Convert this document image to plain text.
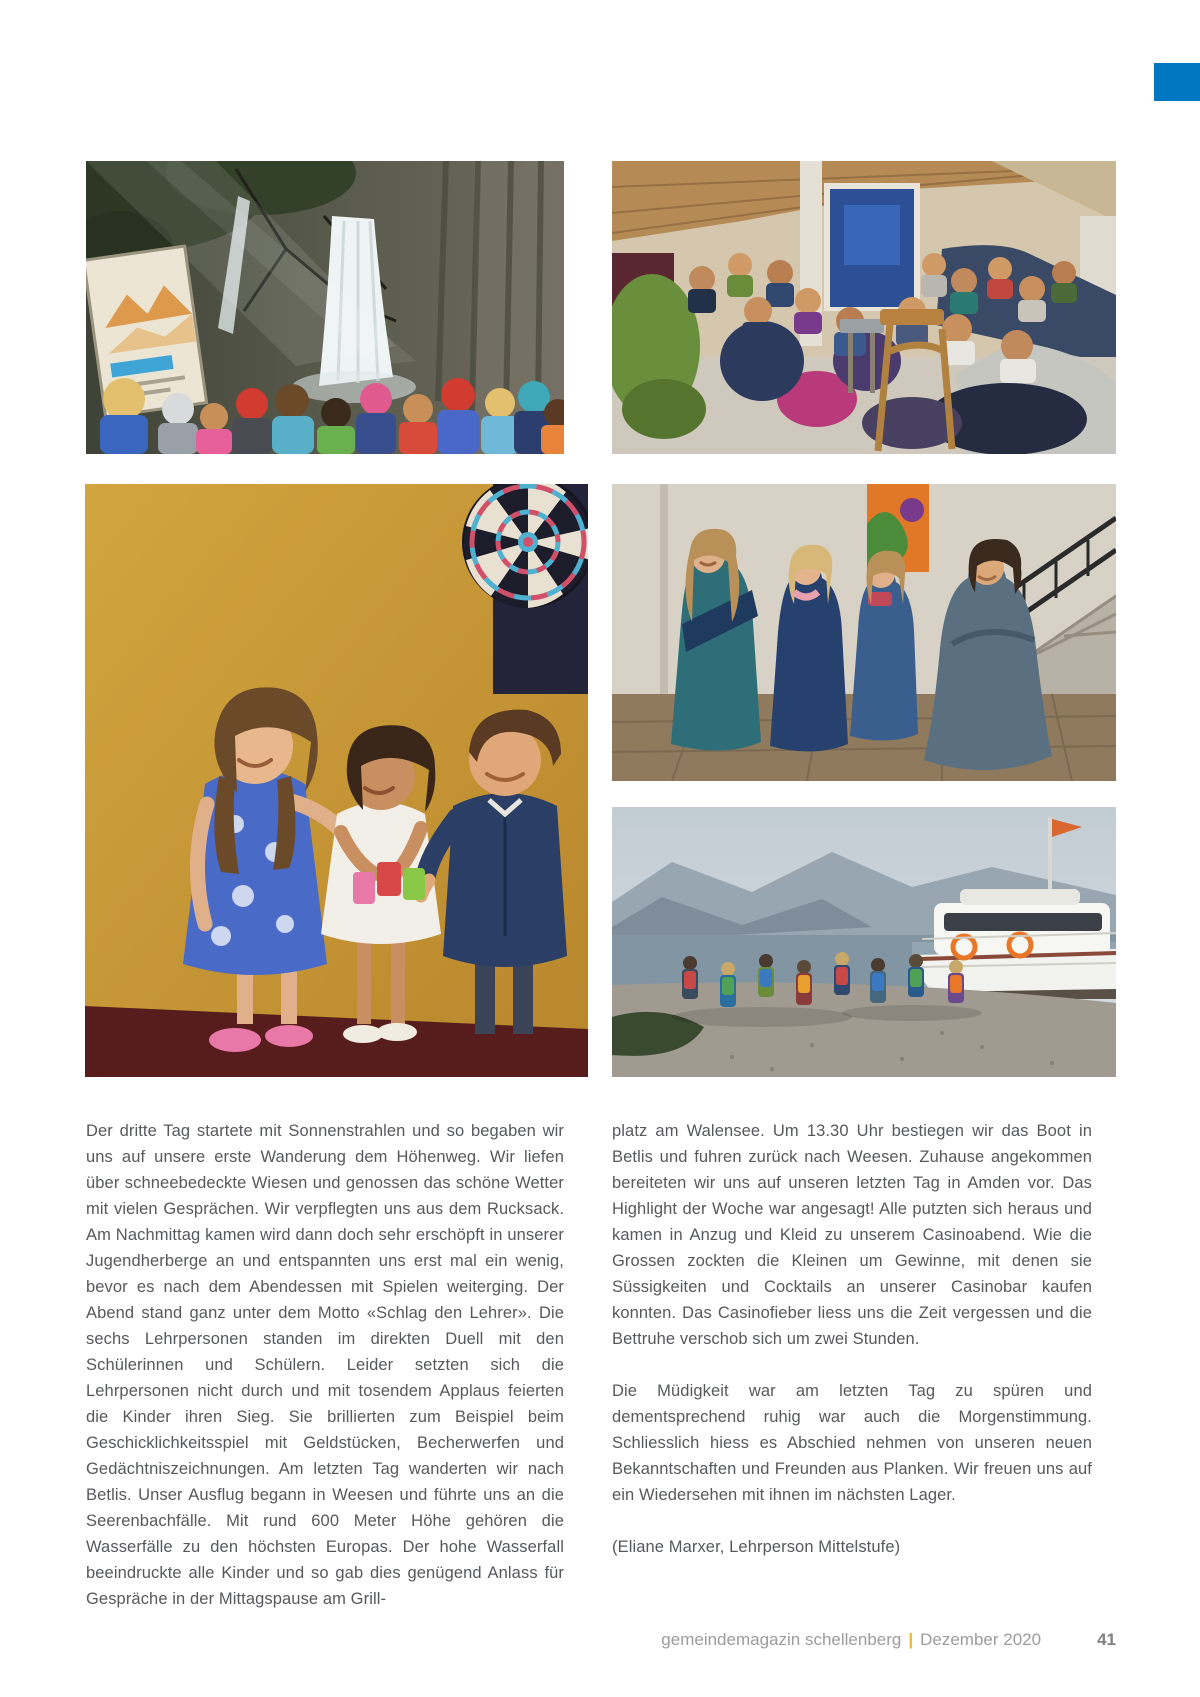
Der dritte Tag startete mit Sonnenstrahlen und so begaben wir uns auf unsere erste Wanderung dem Höhenweg. Wir liefen über schneebedeckte Wiesen und genossen das schöne Wetter mit vielen Gesprächen. Wir verpflegten uns aus dem Rucksack. Am Nachmittag kamen wird dann doch sehr erschöpft in unserer Jugendherberge an und entspannten uns erst mal ein wenig, bevor es nach dem Abendessen mit Spielen weiterging. Der Abend stand ganz unter dem Motto «Schlag den Lehrer». Die sechs Lehrpersonen standen im direkten Duell mit den Schülerinnen und Schülern. Leider setzten sich die Lehrpersonen nicht durch und mit tosendem Applaus feierten die Kinder ihren Sieg. Sie brillierten zum Beispiel beim Geschicklichkeitsspiel mit Geldstücken, Becherwerfen und Gedächtniszeichnungen. Am letzten Tag wanderten wir nach Betlis. Unser Ausflug begann in Weesen und führte uns an die Seerenbachfälle. Mit rund 600 Meter Höhe gehören die Wasserfälle zu den höchsten Europas. Der hohe Wasserfall beeindruckte alle Kinder und so gab dies genügend Anlass für Gespräche in der Mittagspause am Grill-

platz am Walensee. Um 13.30 Uhr bestiegen wir das Boot in Betlis und fuhren zurück nach Weesen. Zuhause angekommen bereiteten wir uns auf unseren letzten Tag in Amden vor. Das Highlight der Woche war angesagt! Alle putzten sich heraus und kamen in Anzug und Kleid zu unserem Casinoabend. Wie die Grossen zockten die Kleinen um Gewinne, mit denen sie Süssigkeiten und Cocktails an unserer Casinobar kaufen konnten. Das Casinofieber liess uns die Zeit vergessen und die Bettruhe verschob sich um zwei Stunden.

Die Müdigkeit war am letzten Tag zu spüren und dementsprechend ruhig war auch die Morgenstimmung. Schliesslich hiess es Abschied nehmen von unseren neuen Bekanntschaften und Freunden aus Planken. Wir freuen uns auf ein Wiedersehen mit ihnen im nächsten Lager.

(Eliane Marxer, Lehrperson Mittelstufe)

gemeindemagazin schellenberg | Dezember 2020	41
